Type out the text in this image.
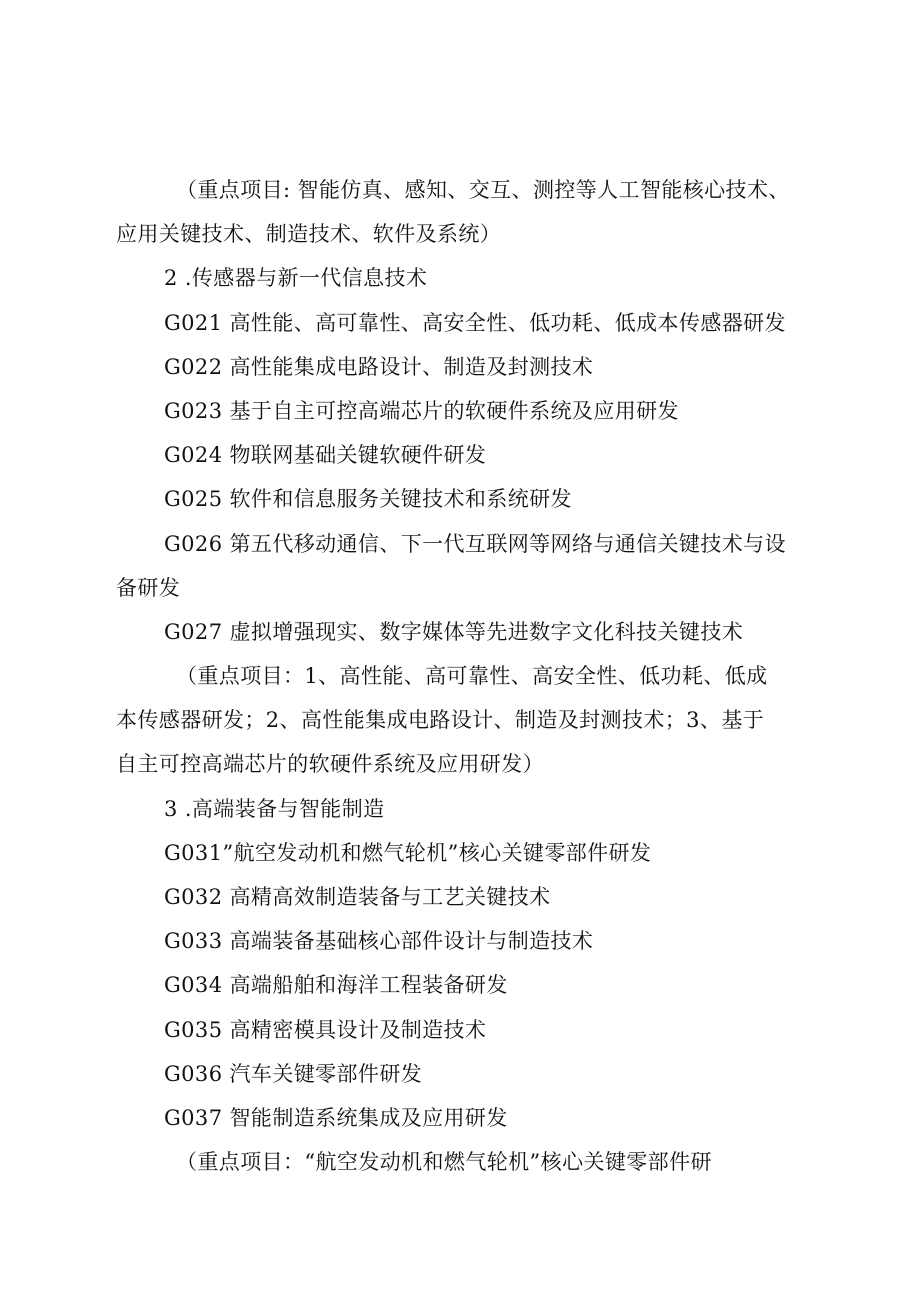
（重点项目: 智能仿真、感知、交互、测控等人工智能核心技术、
应用关键技术、制造技术、软件及系统）
2 .传感器与新一代信息技术
G021 高性能、高可靠性、高安全性、低功耗、低成本传感器研发
G022 高性能集成电路设计、制造及封测技术
G023 基于自主可控高端芯片的软硬件系统及应用研发
G024 物联网基础关键软硬件研发
G025 软件和信息服务关键技术和系统研发
G026 第五代移动通信、下一代互联网等网络与通信关键技术与设
备研发
G027 虚拟增强现实、数字媒体等先进数字文化科技关键技术
（重点项目：1、高性能、高可靠性、高安全性、低功耗、低成
本传感器研发；2、高性能集成电路设计、制造及封测技术；3、基于
自主可控高端芯片的软硬件系统及应用研发）
3 .高端装备与智能制造
G031”航空发动机和燃气轮机”核心关键零部件研发
G032 高精高效制造装备与工艺关键技术
G033 高端装备基础核心部件设计与制造技术
G034 高端船舶和海洋工程装备研发
G035 高精密模具设计及制造技术
G036 汽车关键零部件研发
G037 智能制造系统集成及应用研发
（重点项目：“航空发动机和燃气轮机”核心关键零部件研
